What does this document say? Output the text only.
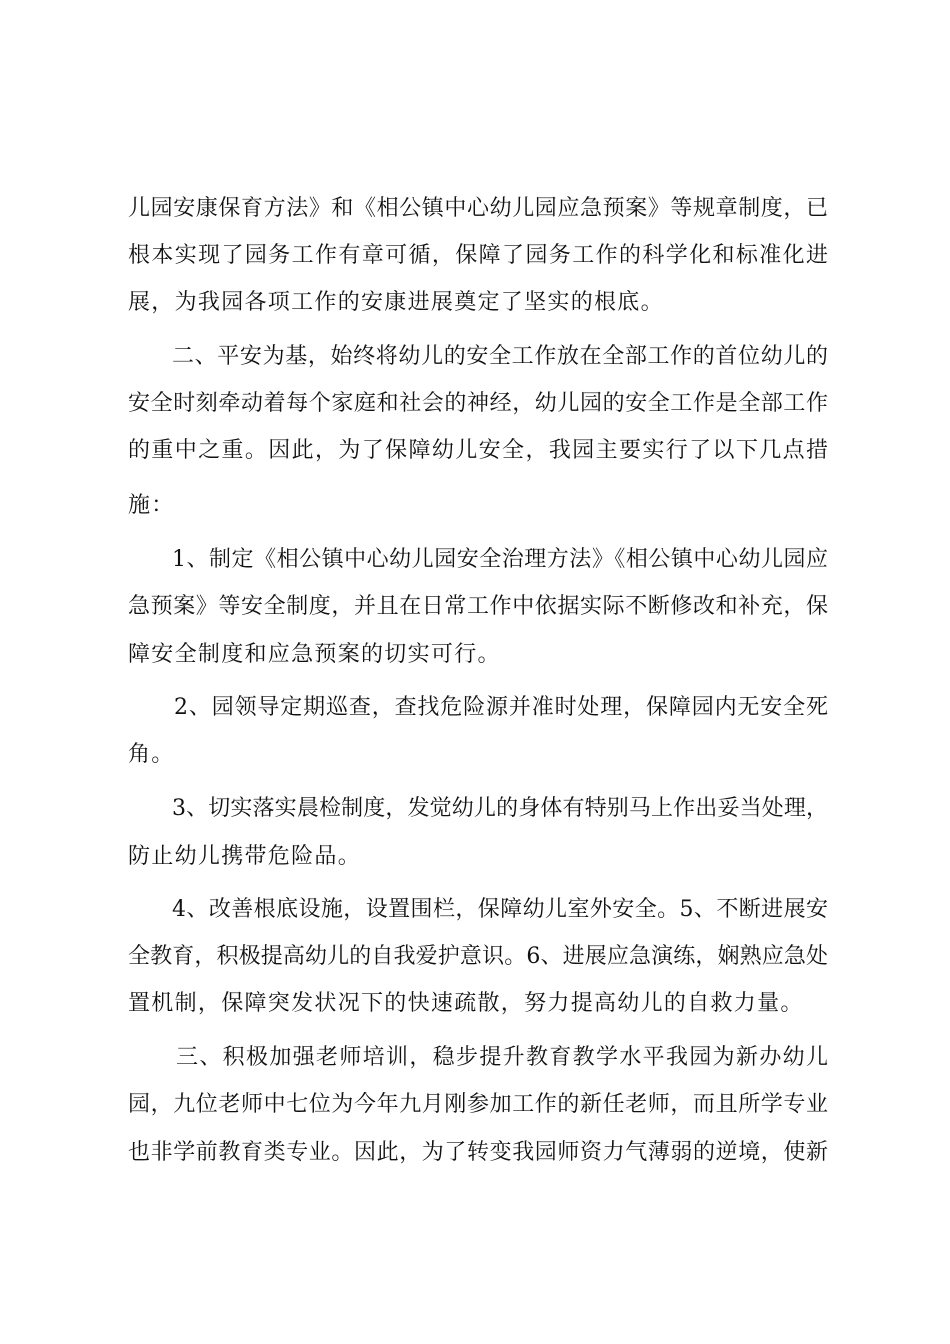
儿园安康保育方法》和《相公镇中心幼儿园应急预案》等规章制度，已
根本实现了园务工作有章可循，保障了园务工作的科学化和标准化进
展，为我园各项工作的安康进展奠定了坚实的根底。
二、平安为基，始终将幼儿的安全工作放在全部工作的首位幼儿的
安全时刻牵动着每个家庭和社会的神经，幼儿园的安全工作是全部工作
的重中之重。因此，为了保障幼儿安全，我园主要实行了以下几点措
施：
1、制定《相公镇中心幼儿园安全治理方法》《相公镇中心幼儿园应
急预案》等安全制度，并且在日常工作中依据实际不断修改和补充，保
障安全制度和应急预案的切实可行。
2、园领导定期巡查，查找危险源并准时处理，保障园内无安全死
角。
3、切实落实晨检制度，发觉幼儿的身体有特别马上作出妥当处理，
防止幼儿携带危险品。
4、改善根底设施，设置围栏，保障幼儿室外安全。5、不断进展安
全教育，积极提高幼儿的自我爱护意识。6、进展应急演练，娴熟应急处
置机制，保障突发状况下的快速疏散，努力提高幼儿的自救力量。
三、积极加强老师培训，稳步提升教育教学水平我园为新办幼儿
园，九位老师中七位为今年九月刚参加工作的新任老师，而且所学专业
也非学前教育类专业。因此，为了转变我园师资力气薄弱的逆境，使新
